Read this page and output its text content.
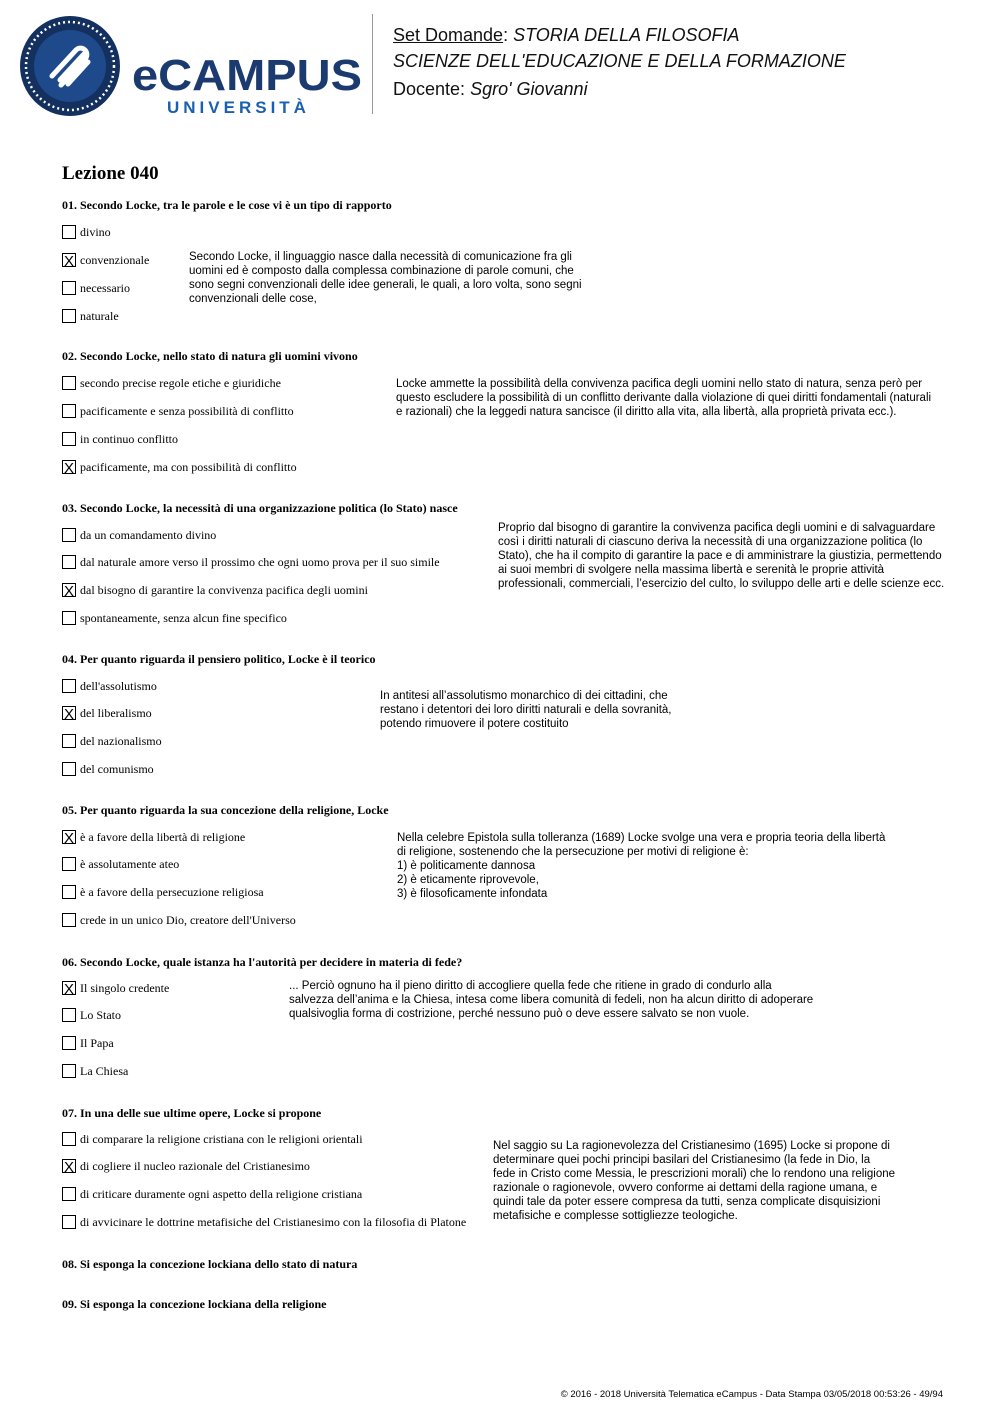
eCAMPUS
UNIVERSITÀ
Set Domande: STORIA DELLA FILOSOFIA
SCIENZE DELL'EDUCAZIONE E DELLA FORMAZIONE
Docente: Sgro' Giovanni
Lezione 040
01. Secondo Locke, tra le parole e le cose vi è un tipo di rapporto
divino
X convenzionale
necessario
naturale
Secondo Locke, il linguaggio nasce dalla necessità di comunicazione fra gli
uomini ed è composto dalla complessa combinazione di parole comuni, che
sono segni convenzionali delle idee generali, le quali, a loro volta, sono segni
convenzionali delle cose,
02. Secondo Locke, nello stato di natura gli uomini vivono
secondo precise regole etiche e giuridiche
pacificamente e senza possibilità di conflitto
in continuo conflitto
X pacificamente, ma con possibilità di conflitto
Locke ammette la possibilità della convivenza pacifica degli uomini nello stato di natura, senza però per
questo escludere la possibilità di un conflitto derivante dalla violazione di quei diritti fondamentali (naturali
e razionali) che la leggedi natura sancisce (il diritto alla vita, alla libertà, alla proprietà privata ecc.).
03. Secondo Locke, la necessità di una organizzazione politica (lo Stato) nasce
da un comandamento divino
dal naturale amore verso il prossimo che ogni uomo prova per il suo simile
X dal bisogno di garantire la convivenza pacifica degli uomini
spontaneamente, senza alcun fine specifico
Proprio dal bisogno di garantire la convivenza pacifica degli uomini e di salvaguardare
così i diritti naturali di ciascuno deriva la necessità di una organizzazione politica (lo
Stato), che ha il compito di garantire la pace e di amministrare la giustizia, permettendo
ai suoi membri di svolgere nella massima libertà e serenità le proprie attività
professionali, commerciali, l’esercizio del culto, lo sviluppo delle arti e delle scienze ecc.
04. Per quanto riguarda il pensiero politico, Locke è il teorico
dell'assolutismo
X del liberalismo
del nazionalismo
del comunismo
In antitesi all’assolutismo monarchico di dei cittadini, che
restano i detentori dei loro diritti naturali e della sovranità,
potendo rimuovere il potere costituito
05. Per quanto riguarda la sua concezione della religione, Locke
X è a favore della libertà di religione
è assolutamente ateo
è a favore della persecuzione religiosa
crede in un unico Dio, creatore dell'Universo
Nella celebre Epistola sulla tolleranza (1689) Locke svolge una vera e propria teoria della libertà
di religione, sostenendo che la persecuzione per motivi di religione è:
1) è politicamente dannosa
2) è eticamente riprovevole,
3) è filosoficamente infondata
06. Secondo Locke, quale istanza ha l'autorità per decidere in materia di fede?
X Il singolo credente
Lo Stato
Il Papa
La Chiesa
... Perciò ognuno ha il pieno diritto di accogliere quella fede che ritiene in grado di condurlo alla
salvezza dell’anima e la Chiesa, intesa come libera comunità di fedeli, non ha alcun diritto di adoperare
qualsivoglia forma di costrizione, perché nessuno può o deve essere salvato se non vuole.
07. In una delle sue ultime opere, Locke si propone
di comparare la religione cristiana con le religioni orientali
X di cogliere il nucleo razionale del Cristianesimo
di criticare duramente ogni aspetto della religione cristiana
di avvicinare le dottrine metafisiche del Cristianesimo con la filosofia di Platone
Nel saggio su La ragionevolezza del Cristianesimo (1695) Locke si propone di
determinare quei pochi principi basilari del Cristianesimo (la fede in Dio, la
fede in Cristo come Messia, le prescrizioni morali) che lo rendono una religione
razionale o ragionevole, ovvero conforme ai dettami della ragione umana, e
quindi tale da poter essere compresa da tutti, senza complicate disquisizioni
metafisiche e complesse sottigliezze teologiche.
08. Si esponga la concezione lockiana dello stato di natura
09. Si esponga la concezione lockiana della religione
© 2016 - 2018 Università Telematica eCampus - Data Stampa 03/05/2018 00:53:26 - 49/94
